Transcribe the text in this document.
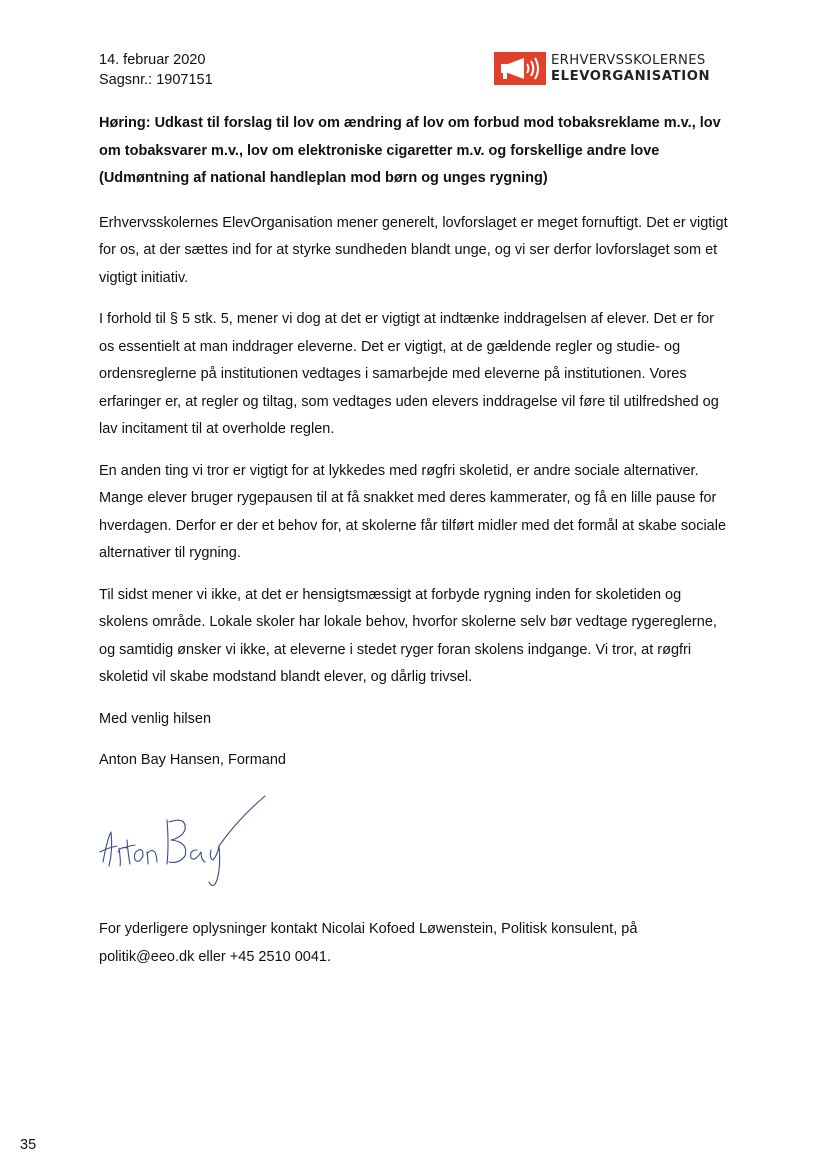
14. februar 2020
Sagsnr.: 1907151
ERHVERVSSKOLERNES
ELEVORGANISATION
Høring: Udkast til forslag til lov om ændring af lov om forbud mod tobaksreklame m.v., lov om tobaksvarer m.v., lov om elektroniske cigaretter m.v. og forskellige andre love (Udmøntning af national handleplan mod børn og unges rygning)
Erhvervsskolernes ElevOrganisation mener generelt, lovforslaget er meget fornuftigt. Det er vigtigt for os, at der sættes ind for at styrke sundheden blandt unge, og vi ser derfor lovforslaget som et vigtigt initiativ.
I forhold til § 5 stk. 5, mener vi dog at det er vigtigt at indtænke inddragelsen af elever. Det er for os essentielt at man inddrager eleverne. Det er vigtigt, at de gældende regler og studie- og ordensreglerne på institutionen vedtages i samarbejde med eleverne på institutionen. Vores erfaringer er, at regler og tiltag, som vedtages uden elevers inddragelse vil føre til utilfredshed og lav incitament til at overholde reglen.
En anden ting vi tror er vigtigt for at lykkedes med røgfri skoletid, er andre sociale alternativer. Mange elever bruger rygepausen til at få snakket med deres kammerater, og få en lille pause for hverdagen. Derfor er der et behov for, at skolerne får tilført midler med det formål at skabe sociale alternativer til rygning.
Til sidst mener vi ikke, at det er hensigtsmæssigt at forbyde rygning inden for skoletiden og skolens område. Lokale skoler har lokale behov, hvorfor skolerne selv bør vedtage rygereglerne, og samtidig ønsker vi ikke, at eleverne i stedet ryger foran skolens indgange. Vi tror, at røgfri skoletid vil skabe modstand blandt elever, og dårlig trivsel.
Med venlig hilsen
Anton Bay Hansen, Formand
For yderligere oplysninger kontakt Nicolai Kofoed Løwenstein, Politisk konsulent, på politik@eeo.dk eller +45 2510 0041.
35
